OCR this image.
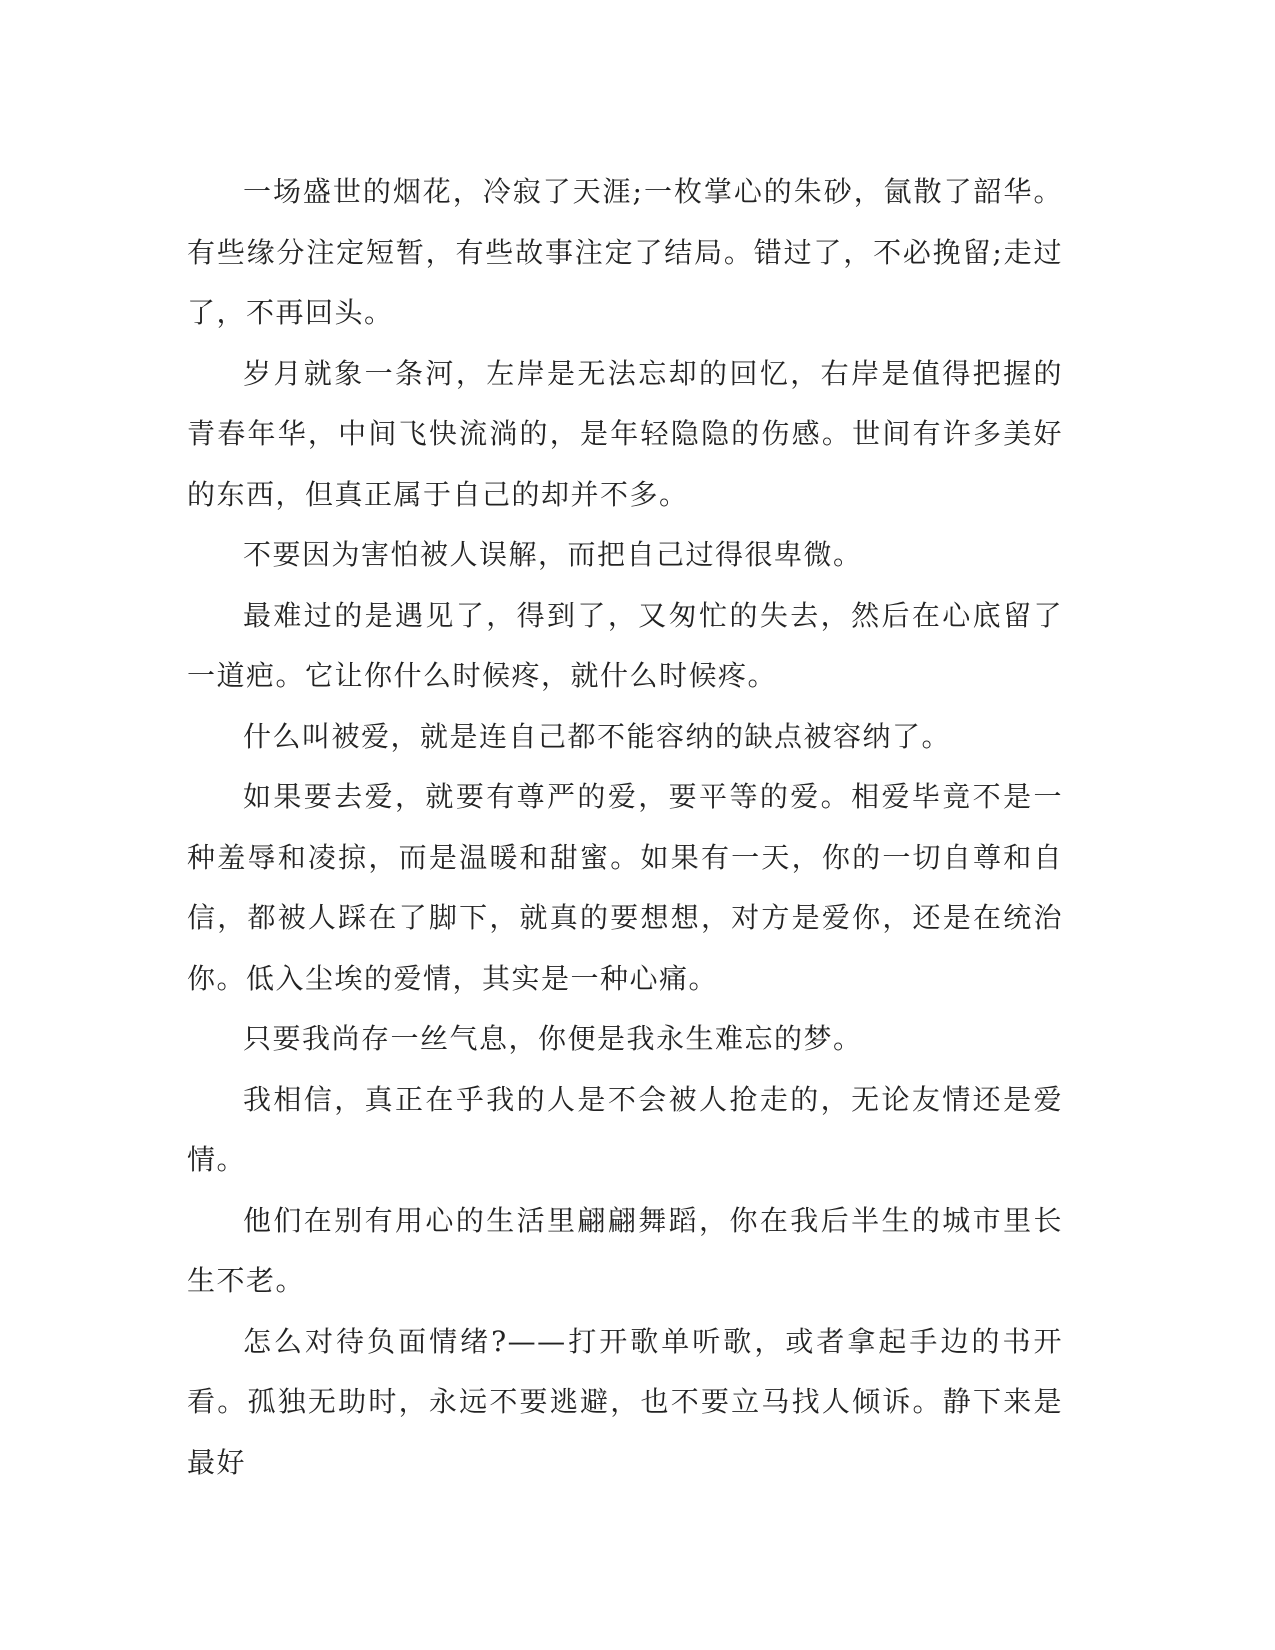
一场盛世的烟花，冷寂了天涯;一枚掌心的朱砂，氤散了韶华。有些缘分注定短暂，有些故事注定了结局。错过了，不必挽留;走过了，不再回头。

岁月就象一条河，左岸是无法忘却的回忆，右岸是值得把握的青春年华，中间飞快流淌的，是年轻隐隐的伤感。世间有许多美好的东西，但真正属于自己的却并不多。

不要因为害怕被人误解，而把自己过得很卑微。

最难过的是遇见了，得到了，又匆忙的失去，然后在心底留了一道疤。它让你什么时候疼，就什么时候疼。

什么叫被爱，就是连自己都不能容纳的缺点被容纳了。

如果要去爱，就要有尊严的爱，要平等的爱。相爱毕竟不是一种羞辱和凌掠，而是温暖和甜蜜。如果有一天，你的一切自尊和自信，都被人踩在了脚下，就真的要想想，对方是爱你，还是在统治你。低入尘埃的爱情，其实是一种心痛。

只要我尚存一丝气息，你便是我永生难忘的梦。

我相信，真正在乎我的人是不会被人抢走的，无论友情还是爱情。

他们在别有用心的生活里翩翩舞蹈，你在我后半生的城市里长生不老。

怎么对待负面情绪?——打开歌单听歌，或者拿起手边的书开看。孤独无助时，永远不要逃避，也不要立马找人倾诉。静下来是最好
